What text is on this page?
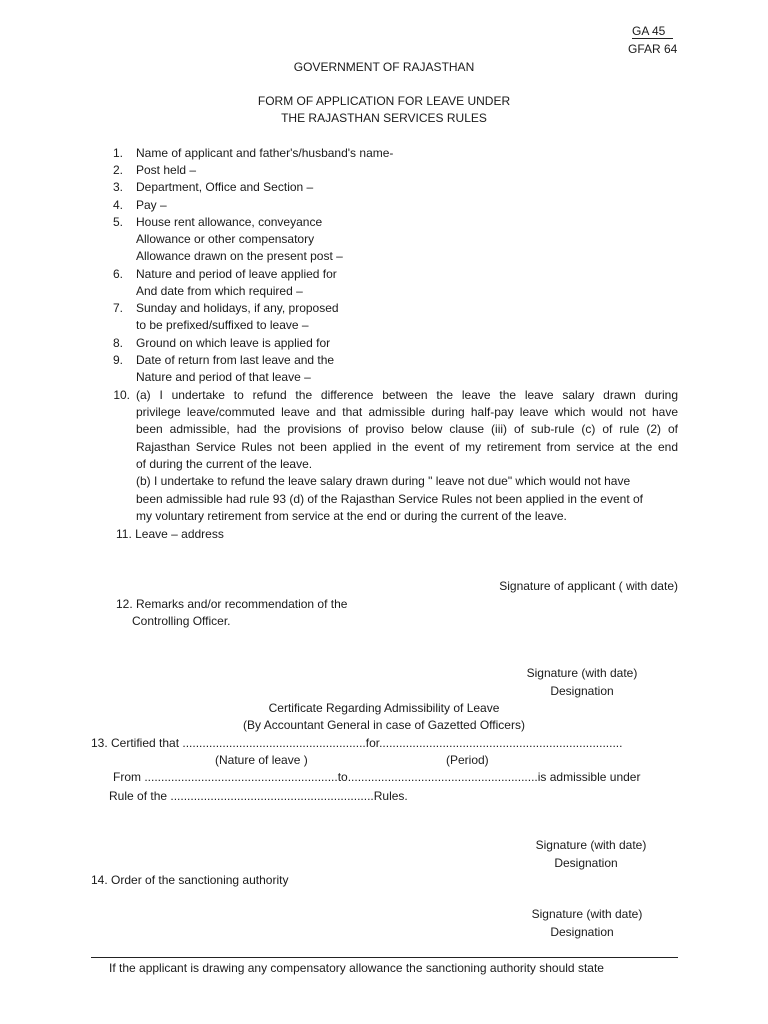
GA 45
GFAR 64
GOVERNMENT OF RAJASTHAN
FORM OF APPLICATION FOR LEAVE UNDER
THE RAJASTHAN SERVICES RULES
1. Name of applicant and father's/husband's name-
2. Post held –
3. Department, Office and Section –
4. Pay –
5. House rent allowance, conveyance
Allowance or other compensatory
Allowance drawn on the present post –
6. Nature and period of leave applied for
And date from which required –
7. Sunday and holidays, if any, proposed
to be prefixed/suffixed to leave –
8. Ground on which leave is applied for
9. Date of return from last leave and the
Nature and period of that leave –
10. (a) I undertake to refund the difference between the leave the leave salary drawn during
privilege leave/commuted leave and that admissible during half-pay leave which would not have
been admissible, had the provisions of proviso below clause (iii) of sub-rule (c) of rule (2) of
Rajasthan Service Rules not been applied in the event of my retirement from service at the end
of during the current of the leave.
(b) I undertake to refund the leave salary drawn during " leave not due" which would not have
been admissible had rule 93 (d) of the Rajasthan Service Rules not been applied in the event of
my voluntary retirement from service at the end or during the current of the leave.
11. Leave – address
Signature of applicant ( with date)
12. Remarks and/or recommendation of the
Controlling Officer.
Signature (with date)
Designation
Certificate Regarding Admissibility of Leave
(By Accountant General in case of Gazetted Officers)
13. Certified that .......................................................for.........................................................................
(Nature of leave )	(Period)
From ..........................................................to.........................................................is admissible under
Rule of the .............................................................Rules.
Signature (with date)
Designation
14. Order of the sanctioning authority
Signature (with date)
Designation
If the applicant is drawing any compensatory allowance the sanctioning authority should state
